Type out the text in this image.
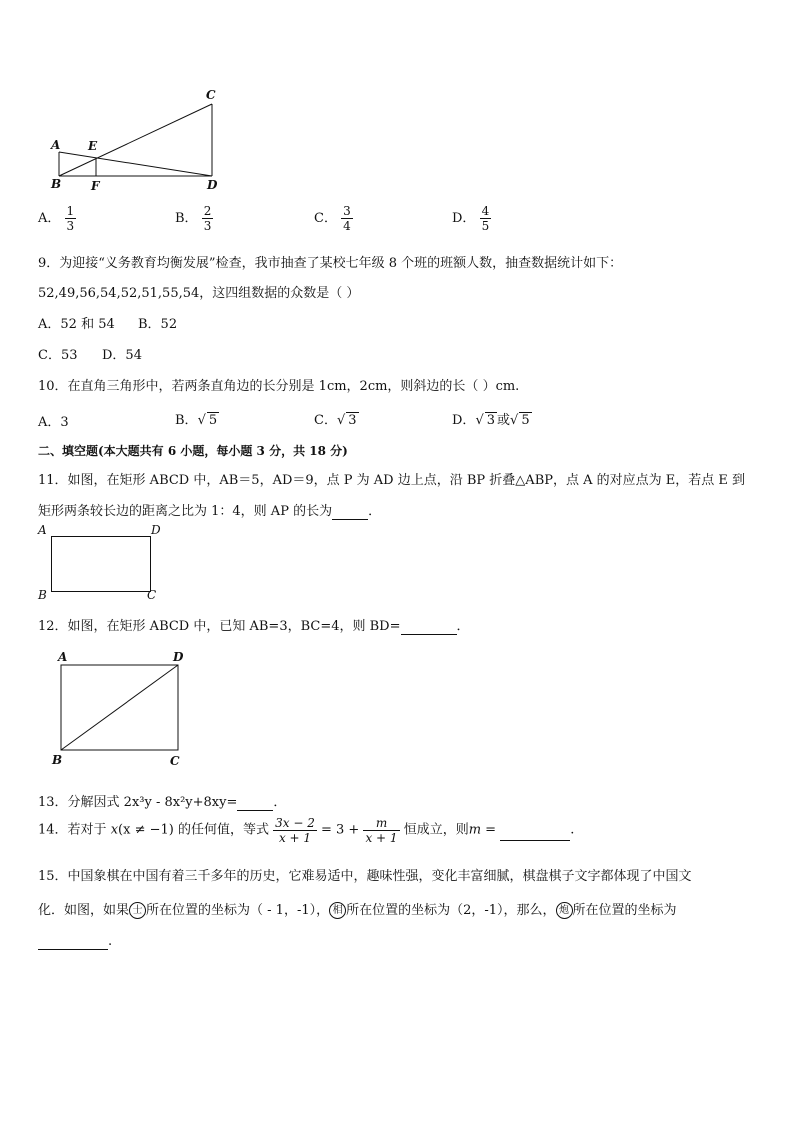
C
A E
B F	D
A． $\frac{1}{3}$	B． $\frac{2}{3}$	C． $\frac{3}{4}$	D． $\frac{4}{5}$
9．为迎接“义务教育均衡发展”检查，我市抽查了某校七年级 8 个班的班额人数，抽查数据统计如下：
52,49,56,54,52,51,55,54，这四组数据的众数是（ ）
A．52 和 54 B．52
C．53 D．54
10．在直角三角形中，若两条直角边的长分别是 1cm，2cm，则斜边的长（ ）cm.
A．3	B．√ 5	C．√ 3	D．√ 3 或√ 5
二、填空题(本大题共有 6 小题，每小题 3 分，共 18 分)
11．如图，在矩形 ABCD 中，AB＝5，AD＝9，点 P 为 AD 边上点，沿 BP 折叠△ABP，点 A 的对应点为 E，若点 E 到
矩形两条较长边的距离之比为 1：4，则 AP 的长为	．
A	D
B	C
12．如图，在矩形 ABCD 中，已知 AB=3，BC=4，则 BD=	．
A	D
B	C
13．分解因式 2x³y - 8x²y+8xy=	．
14．若对于 x(x ≠ −1) 的任何值，等式 $\frac{3x - 2}{x + 1} = 3 + \frac{m}{x + 1}$ 恒成立，则m =	.
15．中国象棋在中国有着三千多年的历史，它难易适中，趣味性强，变化丰富细腻，棋盘棋子文字都体现了中国文
化．如图，如果 士 所在位置的坐标为（ - 1，-1）， 相 所在位置的坐标为（2，-1），那么， 炮 所在位置的坐标为
.
